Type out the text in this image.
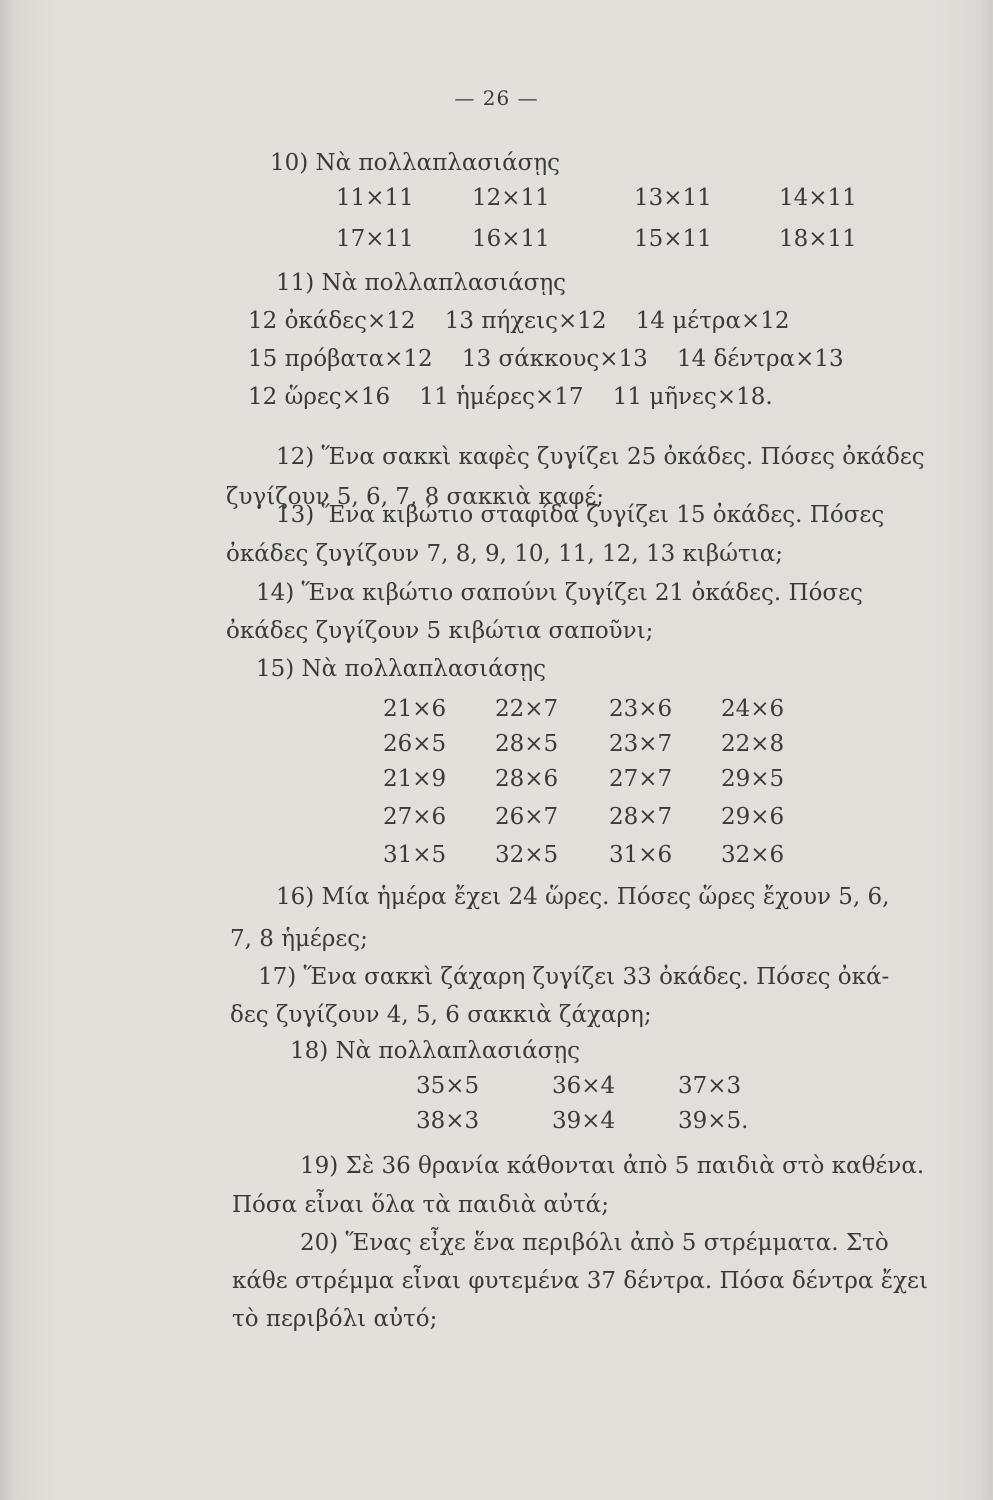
— 26 —
10) Νὰ πολλαπλασιάσῃς
11×11	12×11	13×11	14×11
17×11	16×11	15×11	18×11
11) Νὰ πολλαπλασιάσῃς
12 ὀκάδες×12    13 πήχεις×12    14 μέτρα×12
15 πρόβατα×12    13 σάκκους×13    14 δέντρα×13
12 ὥρες×16    11 ἡμέρες×17    11 μῆνες×18.
12) Ἕνα σακκὶ καφὲς ζυγίζει 25 ὀκάδες. Πόσες ὀκάδες
ζυγίζουν 5, 6, 7, 8 σακκιὰ καφέ;
13) Ἕνα κιβώτιο σταφίδα ζυγίζει 15 ὀκάδες. Πόσες
ὀκάδες ζυγίζουν 7, 8, 9, 10, 11, 12, 13 κιβώτια;
14) Ἕνα κιβώτιο σαπούνι ζυγίζει 21 ὀκάδες. Πόσες
ὀκάδες ζυγίζουν 5 κιβώτια σαποῦνι;
15) Νὰ πολλαπλασιάσῃς
21×6 22×7 23×6 24×6
26×5 28×5 23×7 22×8
21×9 28×6 27×7 29×5
27×6 26×7 28×7 29×6
31×5 32×5 31×6 32×6
16) Μία ἡμέρα ἔχει 24 ὥρες. Πόσες ὥρες ἔχουν 5, 6,
7, 8 ἡμέρες;
17) Ἕνα σακκὶ ζάχαρη ζυγίζει 33 ὀκάδες. Πόσες ὀκά-
δες ζυγίζουν 4, 5, 6 σακκιὰ ζάχαρη;
18) Νὰ πολλαπλασιάσῃς
35×5	36×4	37×3
38×3	39×4	39×5.
19) Σὲ 36 θρανία κάθονται ἀπὸ 5 παιδιὰ στὸ καθένα.
Πόσα εἶναι ὅλα τὰ παιδιὰ αὐτά;
20) Ἕνας εἶχε ἕνα περιβόλι ἀπὸ 5 στρέμματα. Στὸ
κάθε στρέμμα εἶναι φυτεμένα 37 δέντρα. Πόσα δέντρα ἔχει
τὸ περιβόλι αὐτό;
